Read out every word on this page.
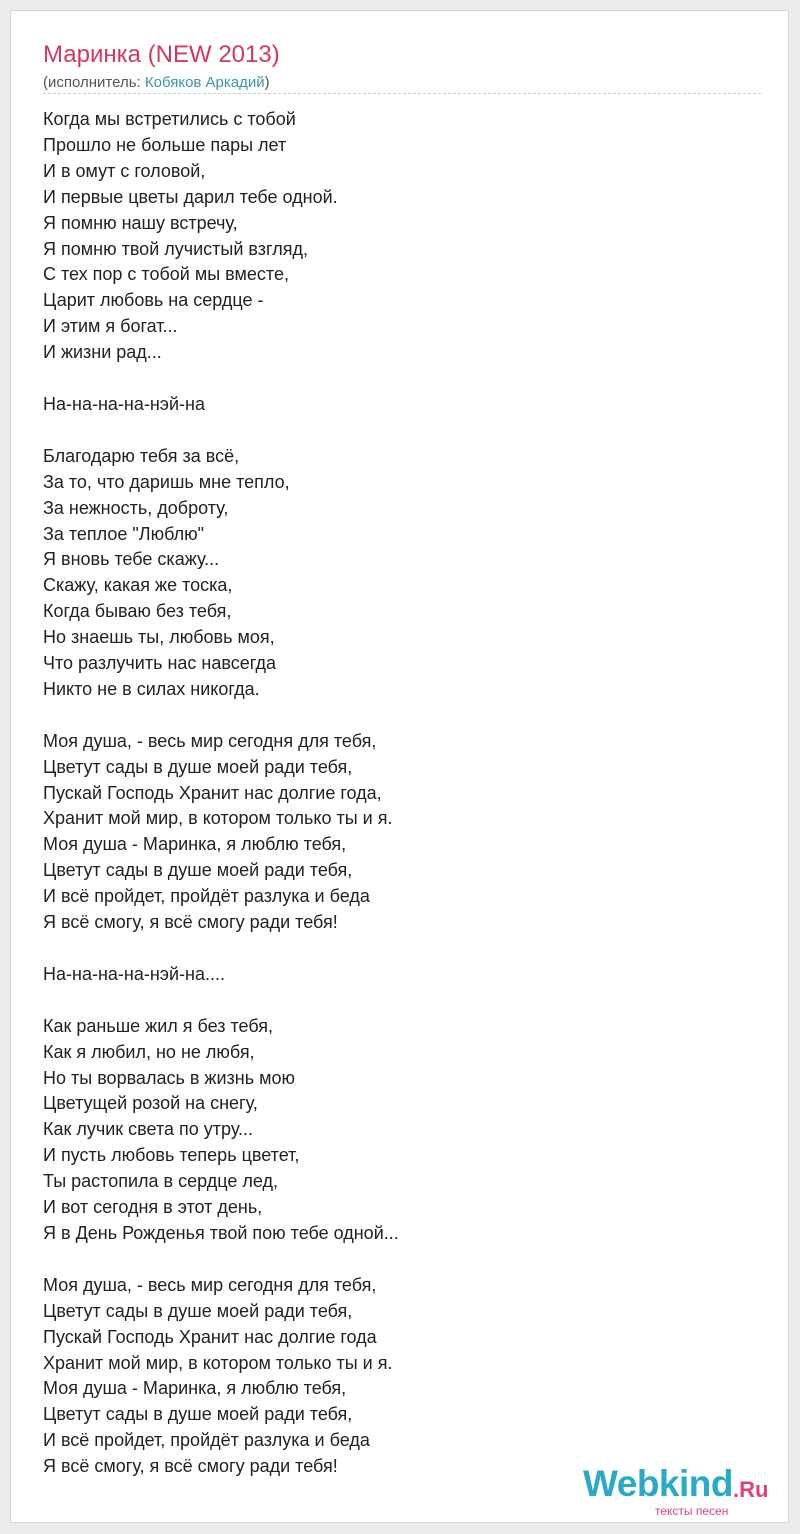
Маринка (NEW 2013)
(исполнитель: Кобяков Аркадий)
Когда мы встретились с тобой
Прошло не больше пары лет
И в омут с головой,
И первые цветы дарил тебе одной.
Я помню нашу встречу,
Я помню твой лучистый взгляд,
С тех пор с тобой мы вместе,
Царит любовь на сердце -
И этим я богат...
И жизни рад...

На-на-на-на-нэй-на

Благодарю тебя за всё,
За то, что даришь мне тепло,
За нежность, доброту,
За теплое "Люблю"
Я вновь тебе скажу...
Скажу, какая же тоска,
Когда бываю без тебя,
Но знаешь ты, любовь моя,
Что разлучить нас навсегда
Никто не в силах никогда.

Моя душа, - весь мир сегодня для тебя,
Цветут сады в душе моей ради тебя,
Пускай Господь Хранит нас долгие года,
Хранит мой мир, в котором только ты и я.
Моя душа - Маринка, я люблю тебя,
Цветут сады в душе моей ради тебя,
И всё пройдет, пройдёт разлука и беда
Я всё смогу, я всё смогу ради тебя!

На-на-на-на-нэй-на....

Как раньше жил я без тебя,
Как я любил, но не любя,
Но ты ворвалась в жизнь мою
Цветущей розой на снегу,
Как лучик света по утру...
И пусть любовь теперь цветет,
Ты растопила в сердце лед,
И вот сегодня в этот день,
Я в День Рожденья твой пою тебе одной...

Моя душа, - весь мир сегодня для тебя,
Цветут сады в душе моей ради тебя,
Пускай Господь Хранит нас долгие года
Хранит мой мир, в котором только ты и я.
Моя душа - Маринка, я люблю тебя,
Цветут сады в душе моей ради тебя,
И всё пройдет, пройдёт разлука и беда
Я всё смогу, я всё смогу ради тебя!	Webkind .Ru
тексты песен
